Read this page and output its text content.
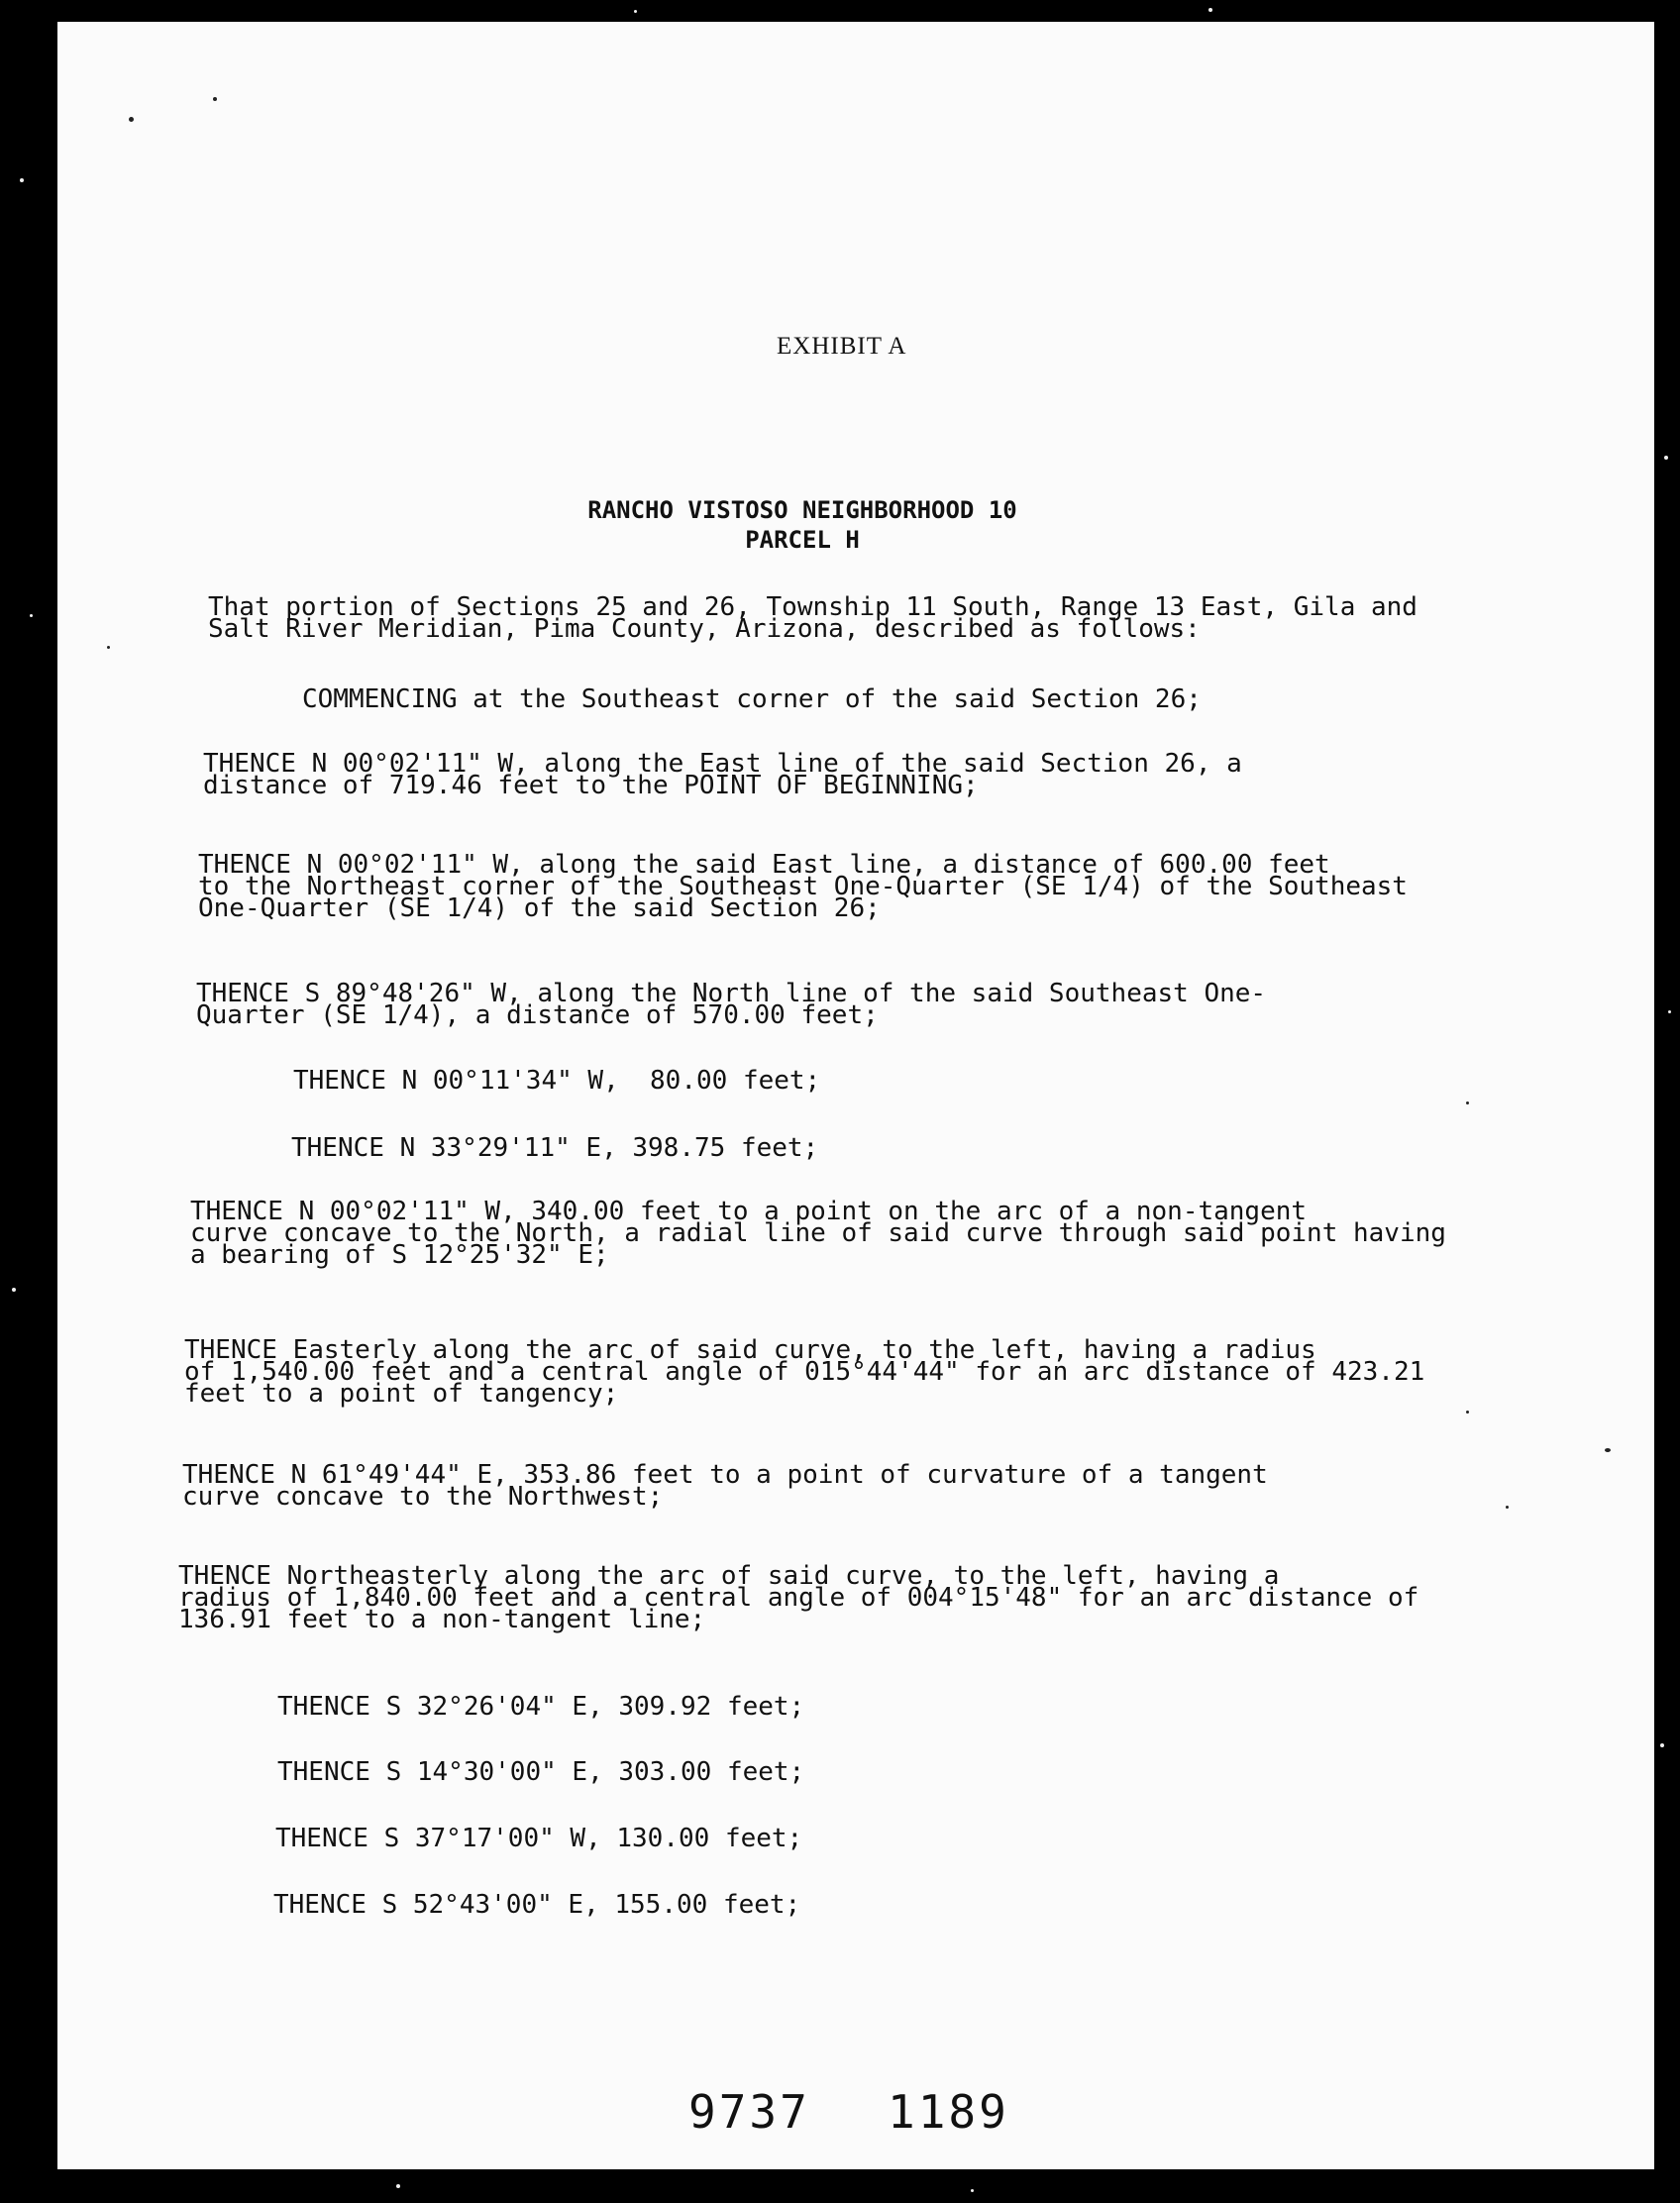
EXHIBIT A
RANCHO VISTOSO NEIGHBORHOOD 10
PARCEL H
That portion of Sections 25 and 26, Township 11 South, Range 13 East, Gila and
Salt River Meridian, Pima County, Arizona, described as follows:
COMMENCING at the Southeast corner of the said Section 26;
THENCE N 00°02'11" W, along the East line of the said Section 26, a
distance of 719.46 feet to the POINT OF BEGINNING;
THENCE N 00°02'11" W, along the said East line, a distance of 600.00 feet
to the Northeast corner of the Southeast One-Quarter (SE 1/4) of the Southeast
One-Quarter (SE 1/4) of the said Section 26;
THENCE S 89°48'26" W, along the North line of the said Southeast One-
Quarter (SE 1/4), a distance of 570.00 feet;
THENCE N 00°11'34" W,  80.00 feet;
THENCE N 33°29'11" E, 398.75 feet;
THENCE N 00°02'11" W, 340.00 feet to a point on the arc of a non-tangent
curve concave to the North, a radial line of said curve through said point having
a bearing of S 12°25'32" E;
THENCE Easterly along the arc of said curve, to the left, having a radius
of 1,540.00 feet and a central angle of 015°44'44" for an arc distance of 423.21
feet to a point of tangency;
THENCE N 61°49'44" E, 353.86 feet to a point of curvature of a tangent
curve concave to the Northwest;
THENCE Northeasterly along the arc of said curve, to the left, having a
radius of 1,840.00 feet and a central angle of 004°15'48" for an arc distance of
136.91 feet to a non-tangent line;
THENCE S 32°26'04" E, 309.92 feet;
THENCE S 14°30'00" E, 303.00 feet;
THENCE S 37°17'00" W, 130.00 feet;
THENCE S 52°43'00" E, 155.00 feet;
9737 1189
